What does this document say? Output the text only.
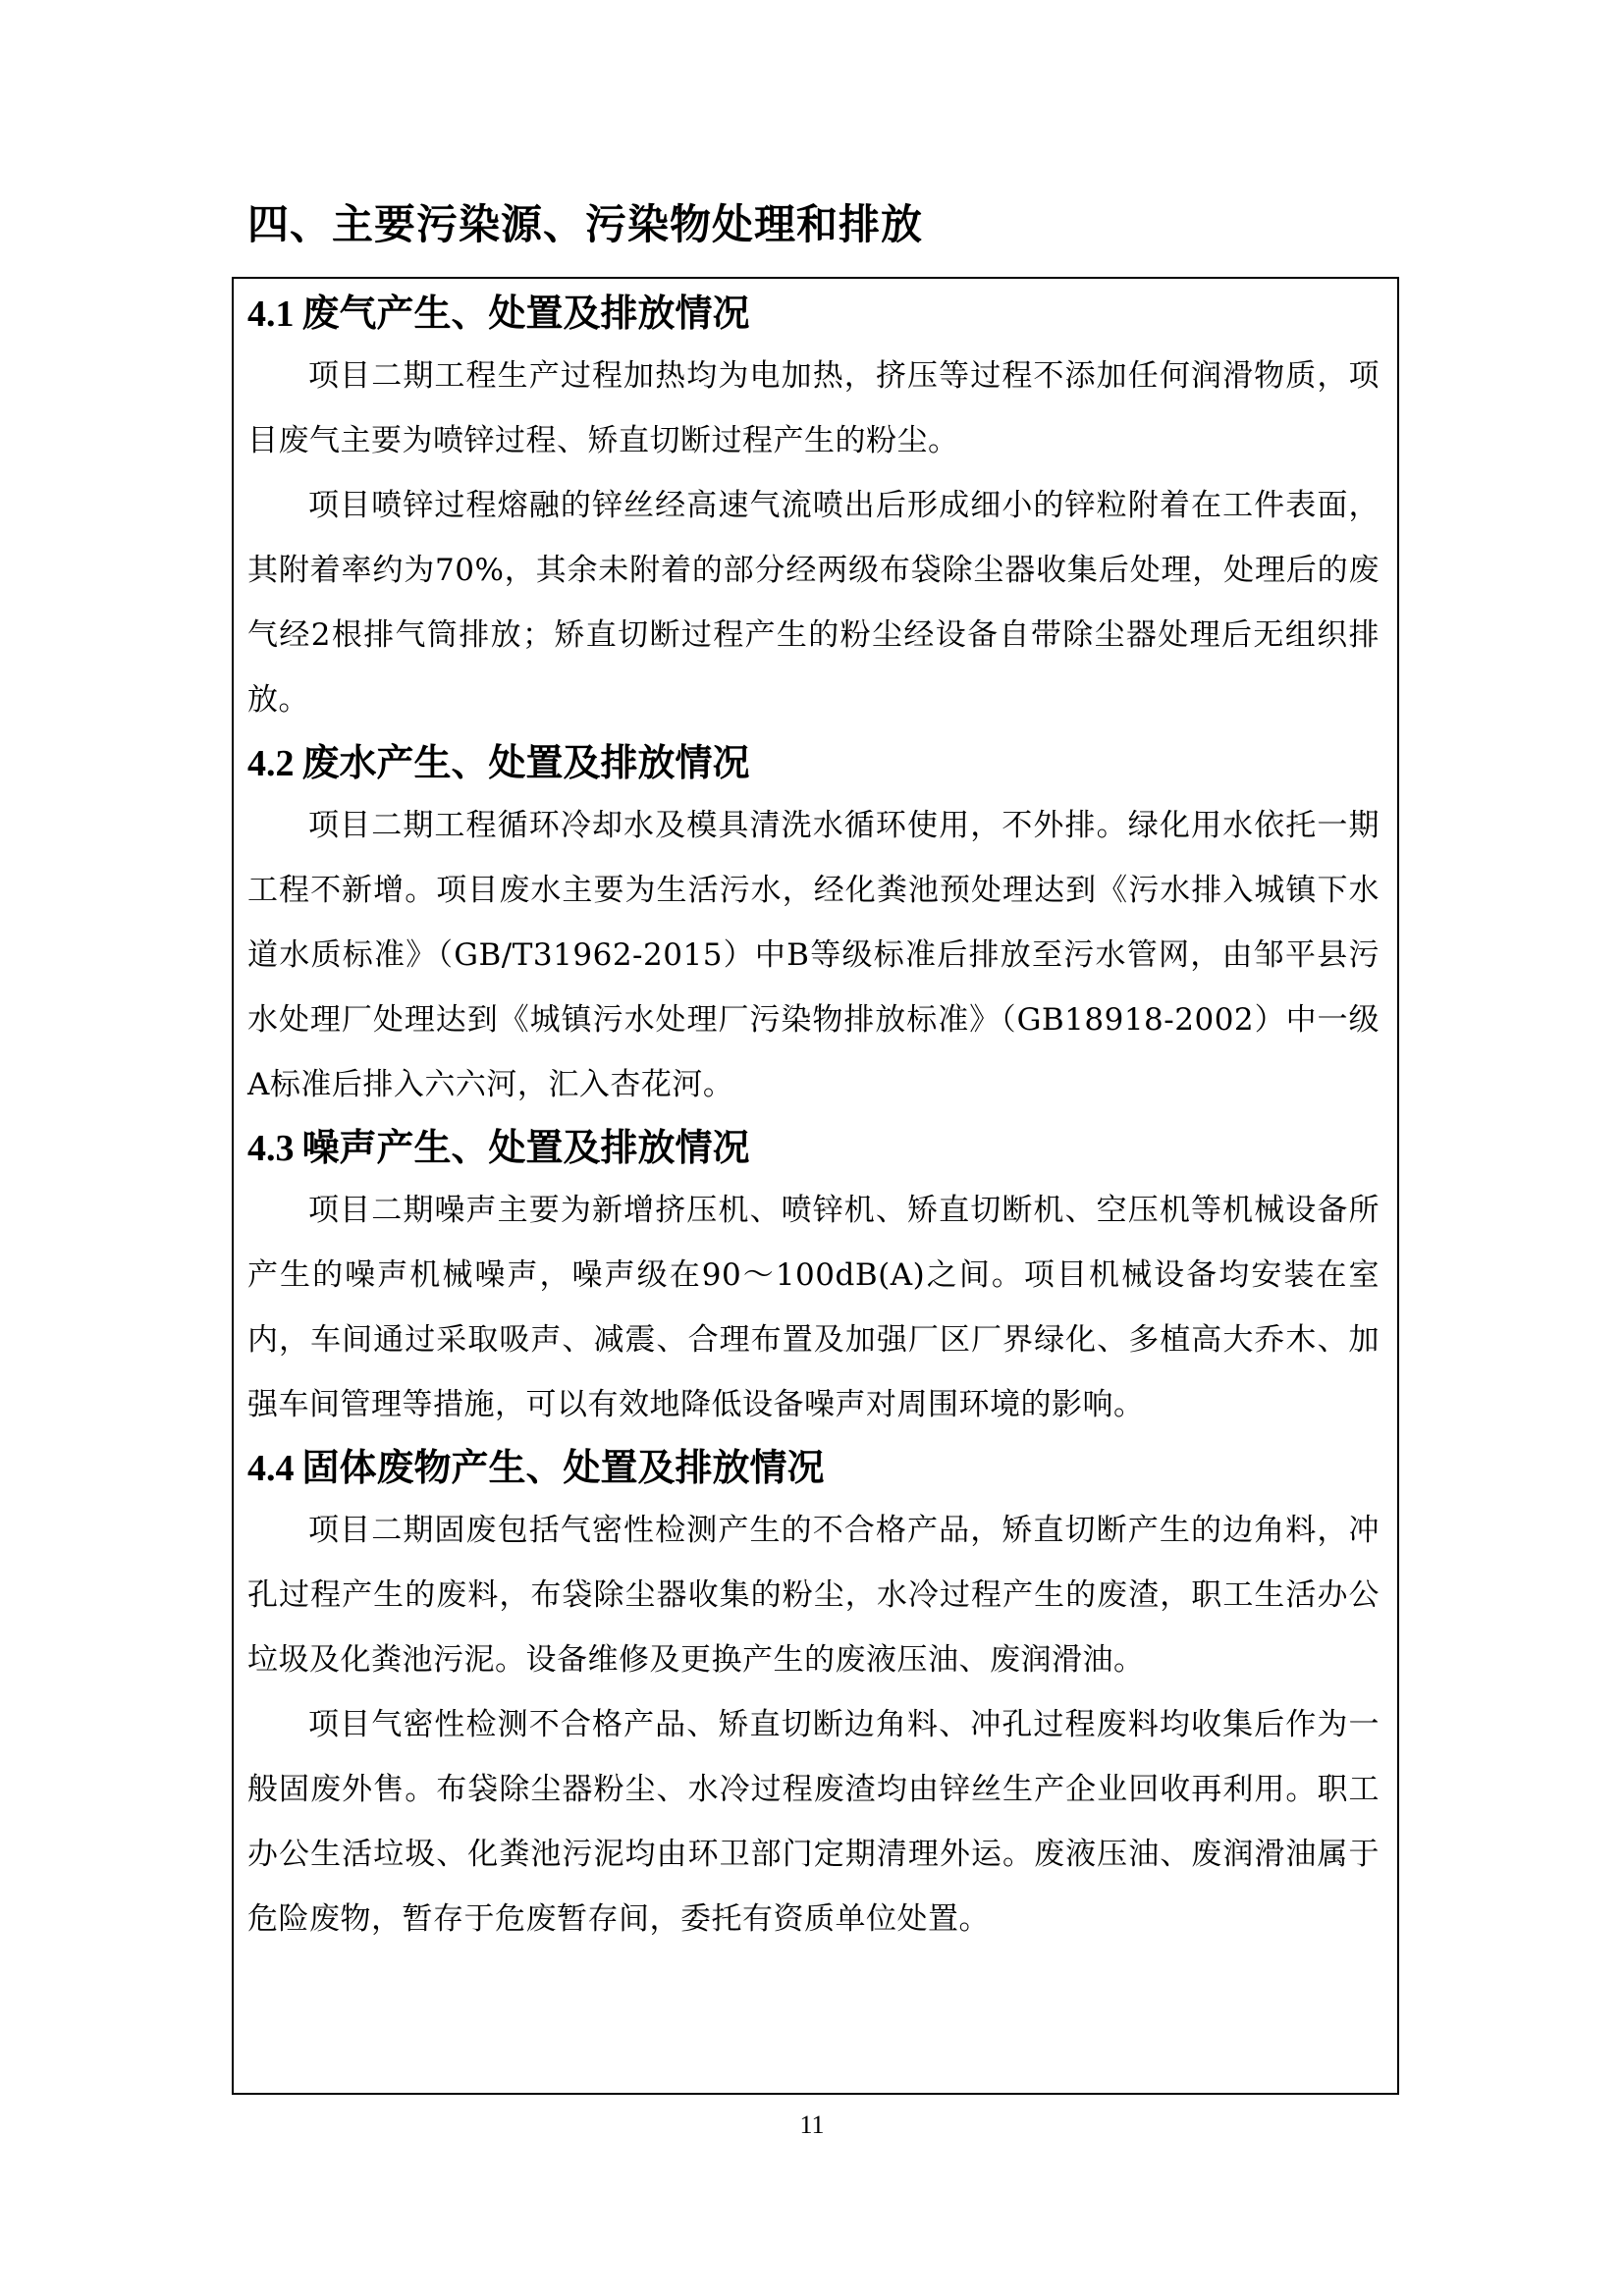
四、主要污染源、污染物处理和排放
4.1 废气产生、处置及排放情况

项目二期工程生产过程加热均为电加热，挤压等过程不添加任何润滑物质，项目废气主要为喷锌过程、矫直切断过程产生的粉尘。

项目喷锌过程熔融的锌丝经高速气流喷出后形成细小的锌粒附着在工件表面，其附着率约为70%，其余未附着的部分经两级布袋除尘器收集后处理，处理后的废气经2根排气筒排放；矫直切断过程产生的粉尘经设备自带除尘器处理后无组织排放。

4.2 废水产生、处置及排放情况

项目二期工程循环冷却水及模具清洗水循环使用，不外排。绿化用水依托一期工程不新增。项目废水主要为生活污水，经化粪池预处理达到《污水排入城镇下水道水质标准》（GB/T31962-2015）中B等级标准后排放至污水管网，由邹平县污水处理厂处理达到《城镇污水处理厂污染物排放标准》（GB18918-2002）中一级A标准后排入六六河，汇入杏花河。

4.3 噪声产生、处置及排放情况

项目二期噪声主要为新增挤压机、喷锌机、矫直切断机、空压机等机械设备所产生的噪声机械噪声，噪声级在90～100dB(A)之间。项目机械设备均安装在室内，车间通过采取吸声、减震、合理布置及加强厂区厂界绿化、多植高大乔木、加强车间管理等措施，可以有效地降低设备噪声对周围环境的影响。

4.4 固体废物产生、处置及排放情况

项目二期固废包括气密性检测产生的不合格产品，矫直切断产生的边角料，冲孔过程产生的废料，布袋除尘器收集的粉尘，水冷过程产生的废渣，职工生活办公垃圾及化粪池污泥。设备维修及更换产生的废液压油、废润滑油。

项目气密性检测不合格产品、矫直切断边角料、冲孔过程废料均收集后作为一般固废外售。布袋除尘器粉尘、水冷过程废渣均由锌丝生产企业回收再利用。职工办公生活垃圾、化粪池污泥均由环卫部门定期清理外运。废液压油、废润滑油属于危险废物，暂存于危废暂存间，委托有资质单位处置。

11
